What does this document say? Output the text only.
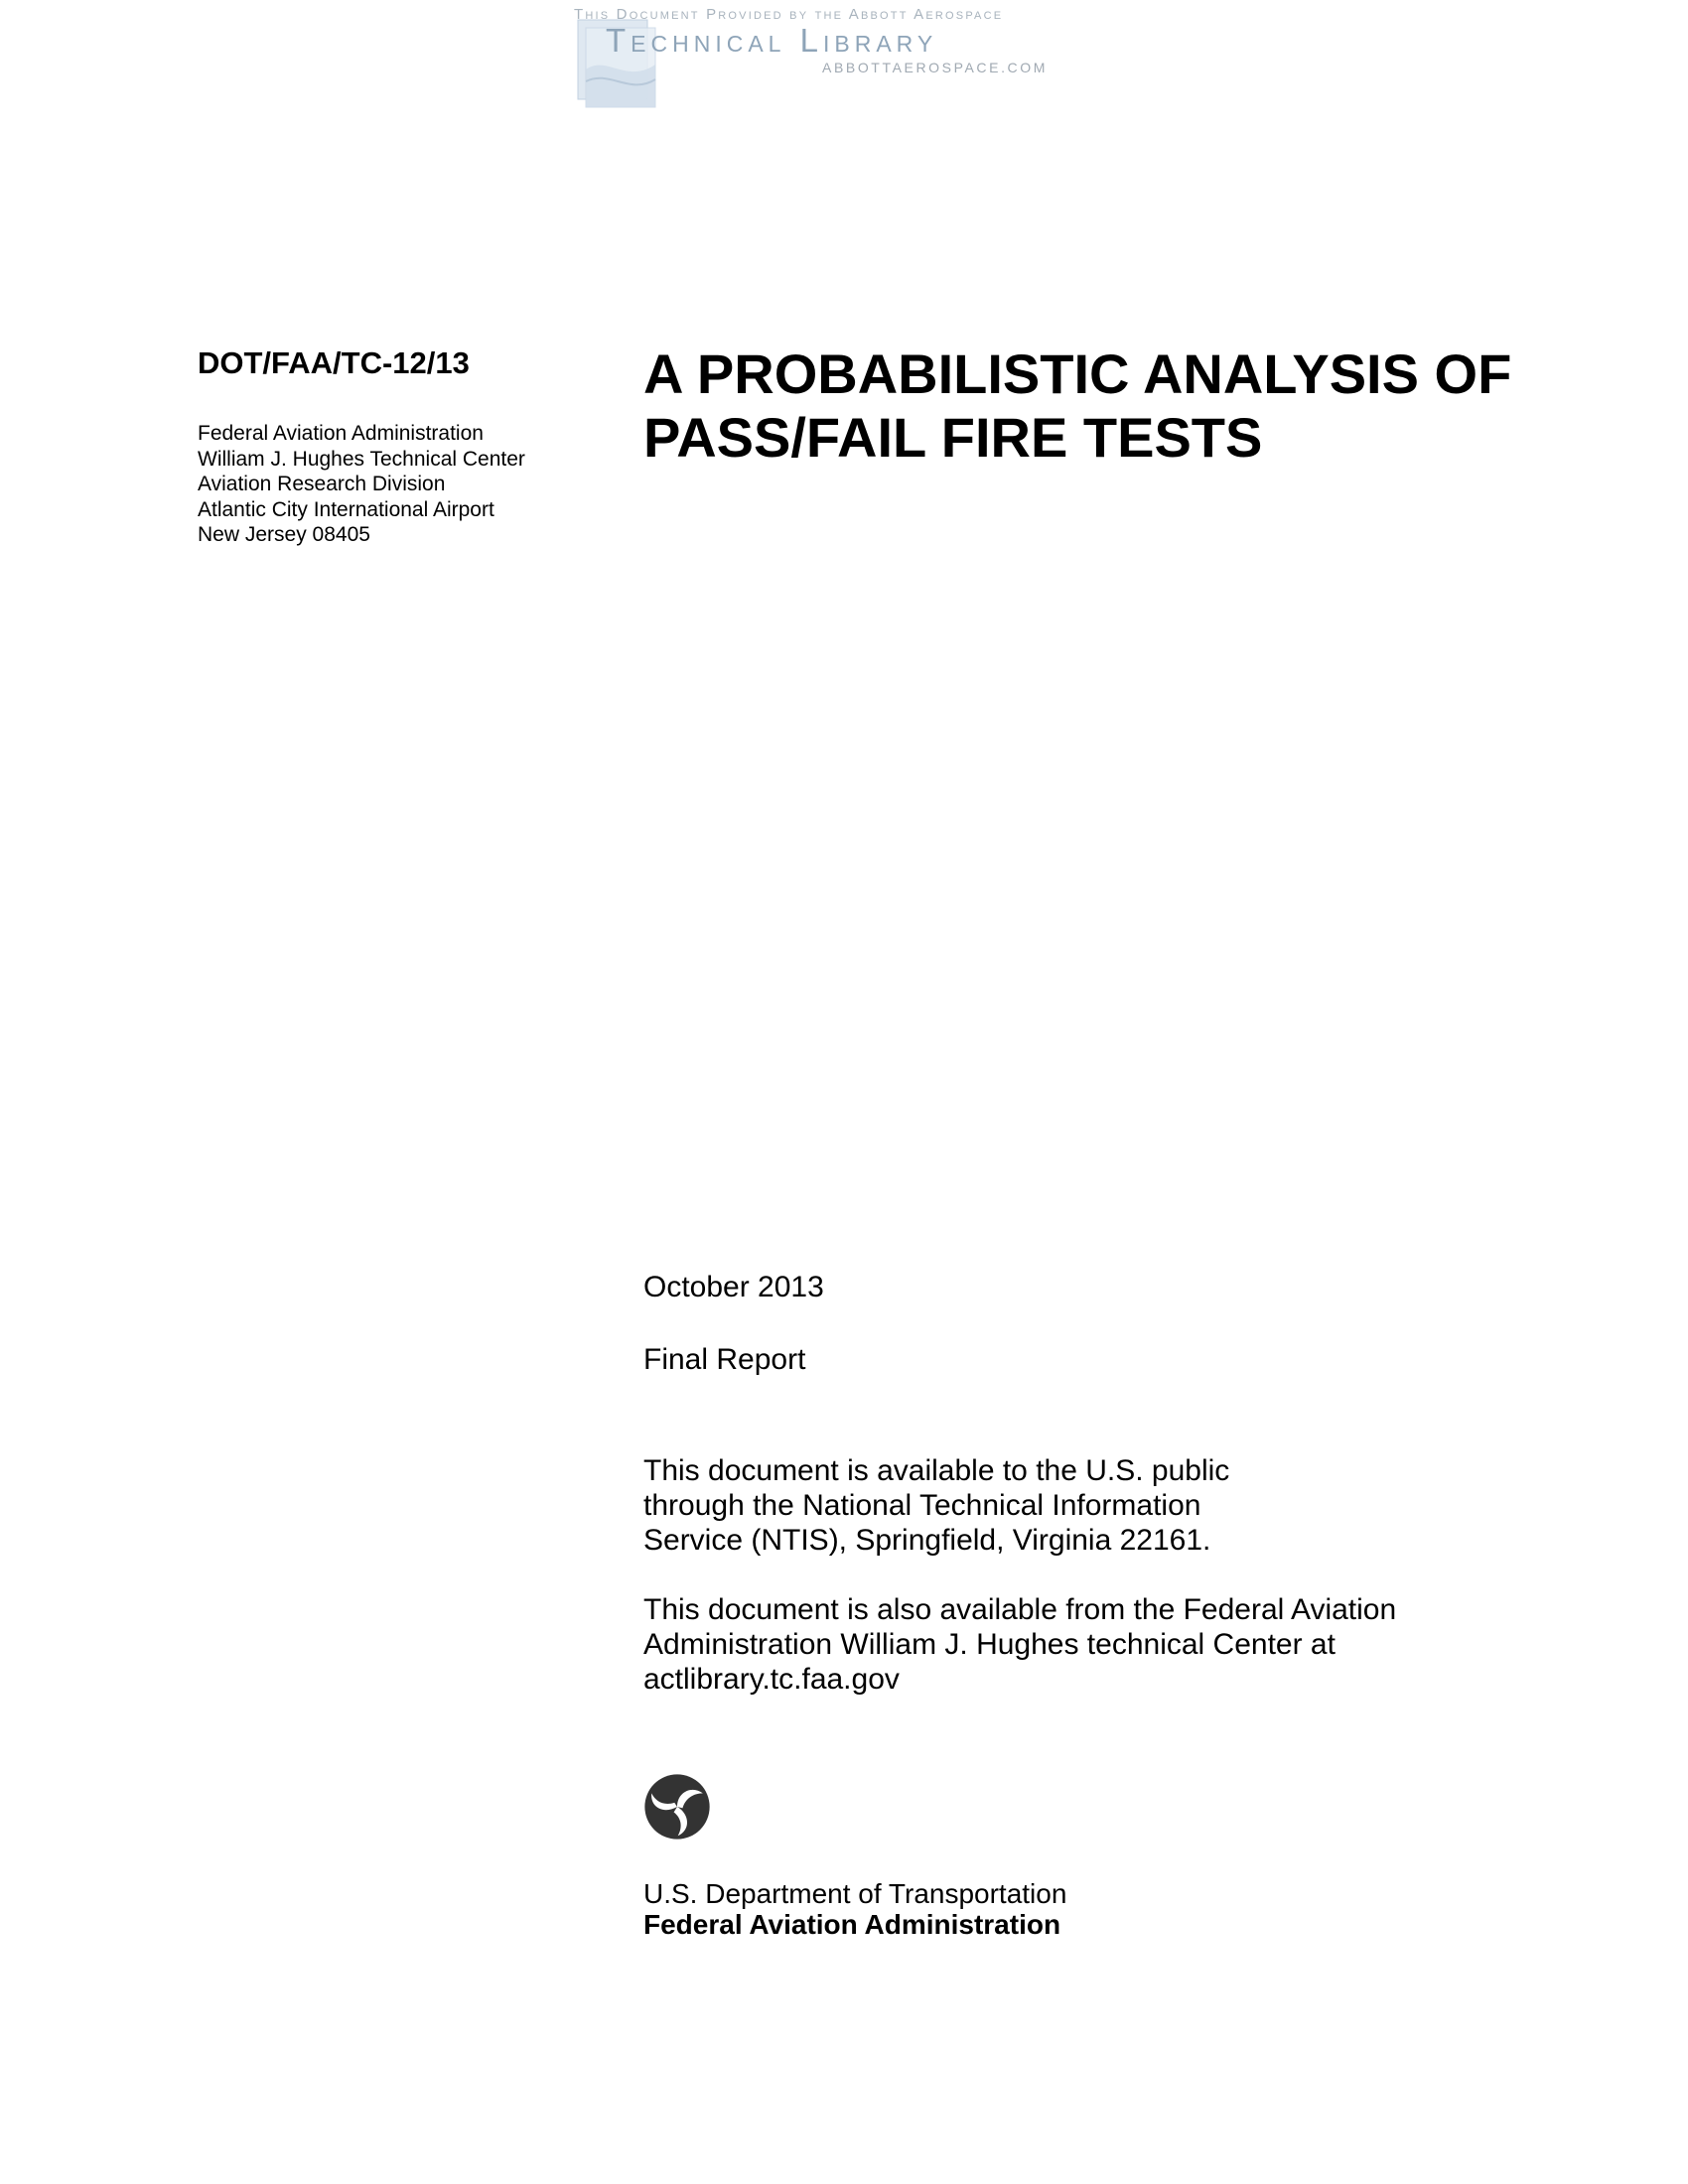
This Document Provided by the Abbott Aerospace
Technical Library
ABBOTTAEROSPACE.COM
DOT/FAA/TC-12/13
Federal Aviation Administration
William J. Hughes Technical Center
Aviation Research Division
Atlantic City International Airport
New Jersey 08405
A PROBABILISTIC ANALYSIS OF
PASS/FAIL FIRE TESTS
October 2013
Final Report

This document is available to the U.S. public
through the National Technical Information
Service (NTIS), Springfield, Virginia 22161.

This document is also available from the Federal Aviation
Administration William J. Hughes technical Center at
actlibrary.tc.faa.gov

U.S. Department of Transportation
Federal Aviation Administration
